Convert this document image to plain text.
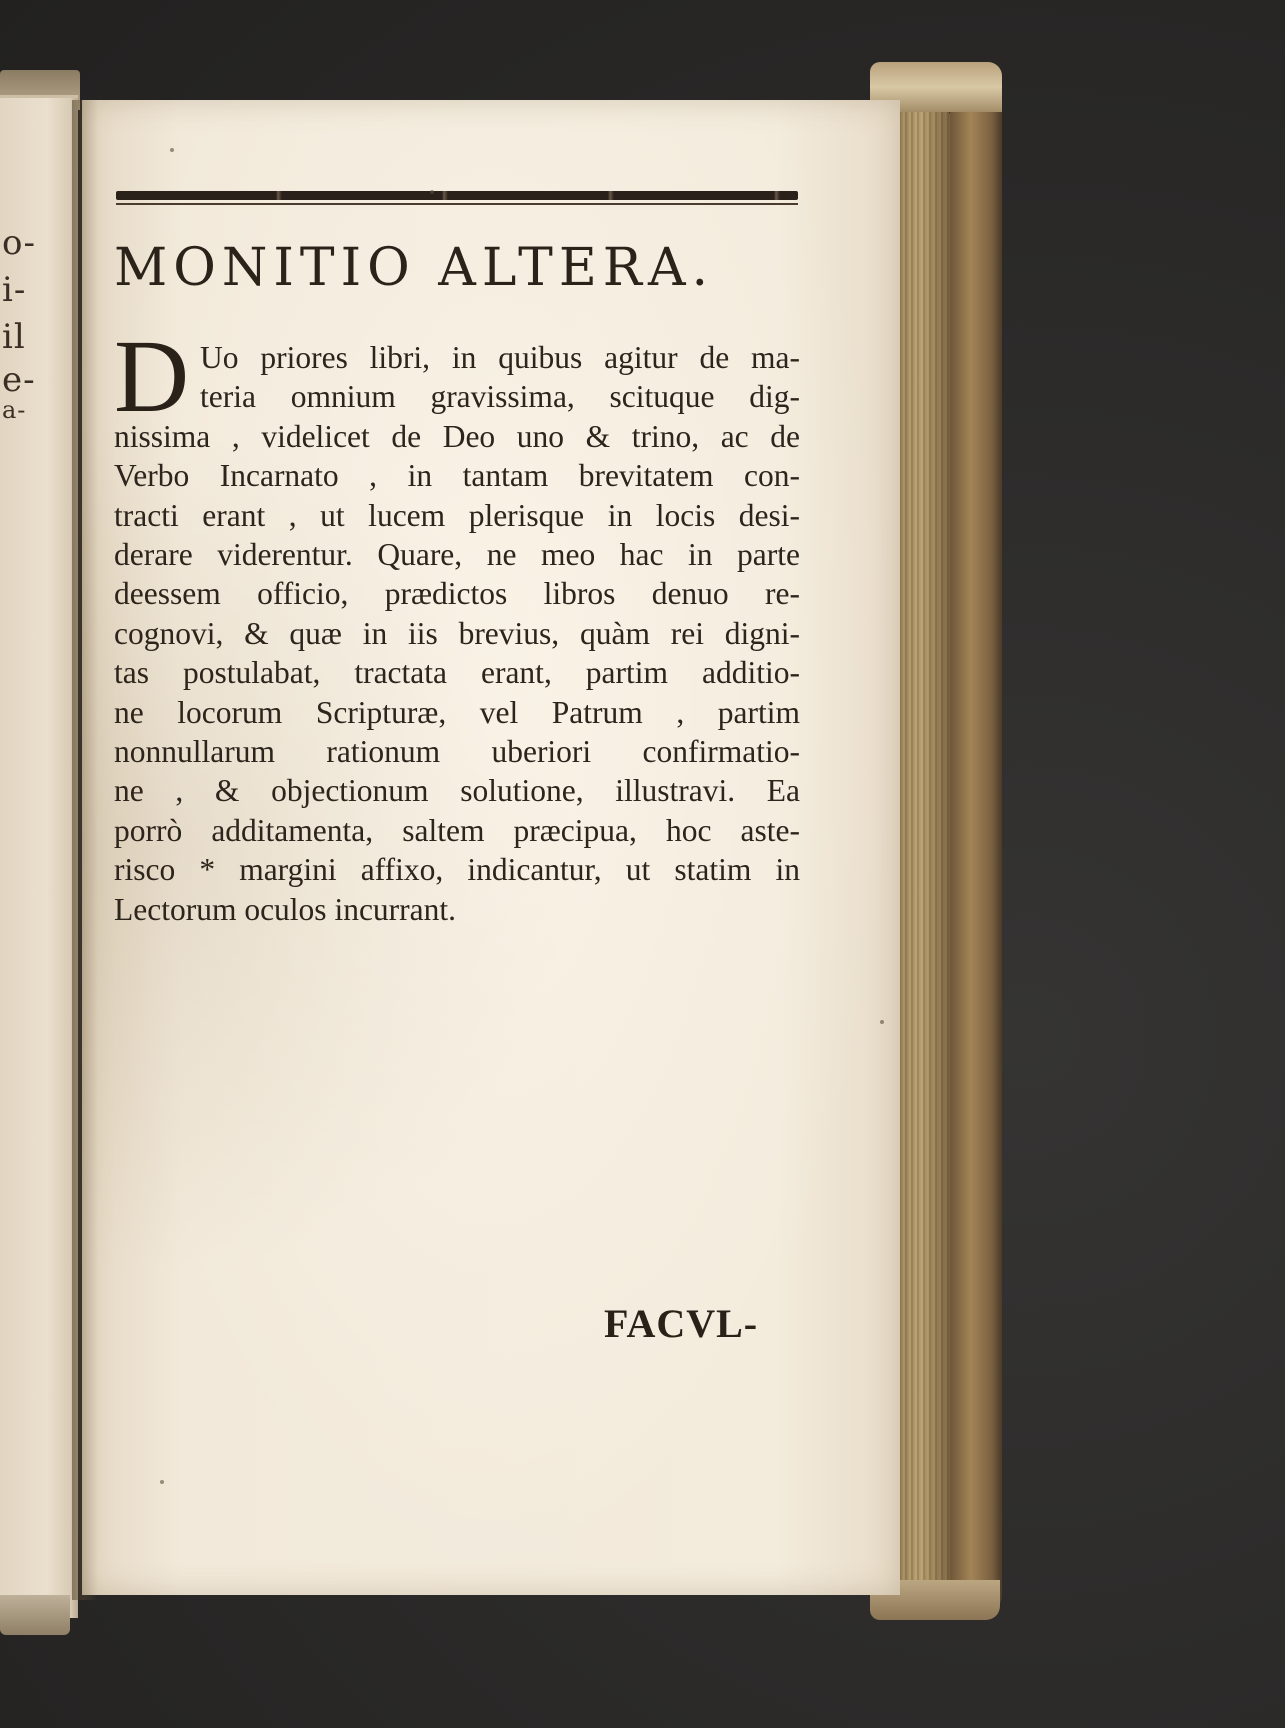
o-
i-
il
e-
a-
MONITIO ALTERA.
D Uo priores libri, in quibus agitur de ma-
teria omnium gravissima, scituque dig-
nissima , videlicet de Deo uno & trino, ac de
Verbo Incarnato , in tantam brevitatem con-
tracti erant , ut lucem plerisque in locis desi-
derare viderentur. Quare, ne meo hac in parte
deessem officio, prædictos libros denuo re-
cognovi, & quæ in iis brevius, quàm rei digni-
tas postulabat, tractata erant, partim additio-
ne locorum Scripturæ, vel Patrum , partim
nonnullarum rationum uberiori confirmatio-
ne , & objectionum solutione, illustravi. Ea
porrò additamenta, saltem præcipua, hoc aste-
risco * margini affixo, indicantur, ut statim in
Lectorum oculos incurrant.
FACVL-
